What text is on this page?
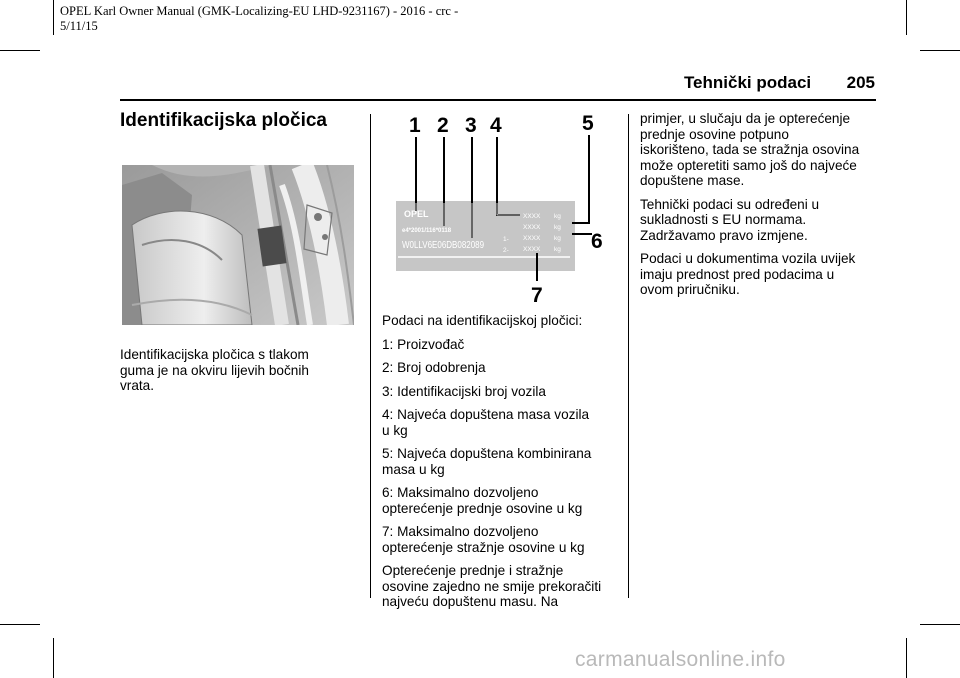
OPEL Karl Owner Manual (GMK-Localizing-EU LHD-9231167) - 2016 - crc -
5/11/15
Tehnički podaci 205
Identifikacijska pločica
Identifikacijska pločica s tlakom
guma je na okviru lijevih bočnih
vrata.
OPEL
e4*2001/116*0118
W0LLV6E06DB082089
XXXX
XXXX
XXXX
XXXX
kg
kg
kg
kg
1-
2-
1 2 3 4	5
6
7

Podaci na identifikacijskoj pločici:

1: Proizvođač

2: Broj odobrenja

3: Identifikacijski broj vozila

4: Najveća dopuštena masa vozila
u kg

5: Najveća dopuštena kombinirana
masa u kg

6: Maksimalno dozvoljeno
opterećenje prednje osovine u kg

7: Maksimalno dozvoljeno
opterećenje stražnje osovine u kg

Opterećenje prednje i stražnje
osovine zajedno ne smije prekoračiti
najveću dopuštenu masu. Na

primjer, u slučaju da je opterećenje
prednje osovine potpuno
iskorišteno, tada se stražnja osovina
može opteretiti samo još do najveće
dopuštene mase.

Tehnički podaci su određeni u
sukladnosti s EU normama.
Zadržavamo pravo izmjene.

Podaci u dokumentima vozila uvijek
imaju prednost pred podacima u
ovom priručniku.

carmanualsonline.info
